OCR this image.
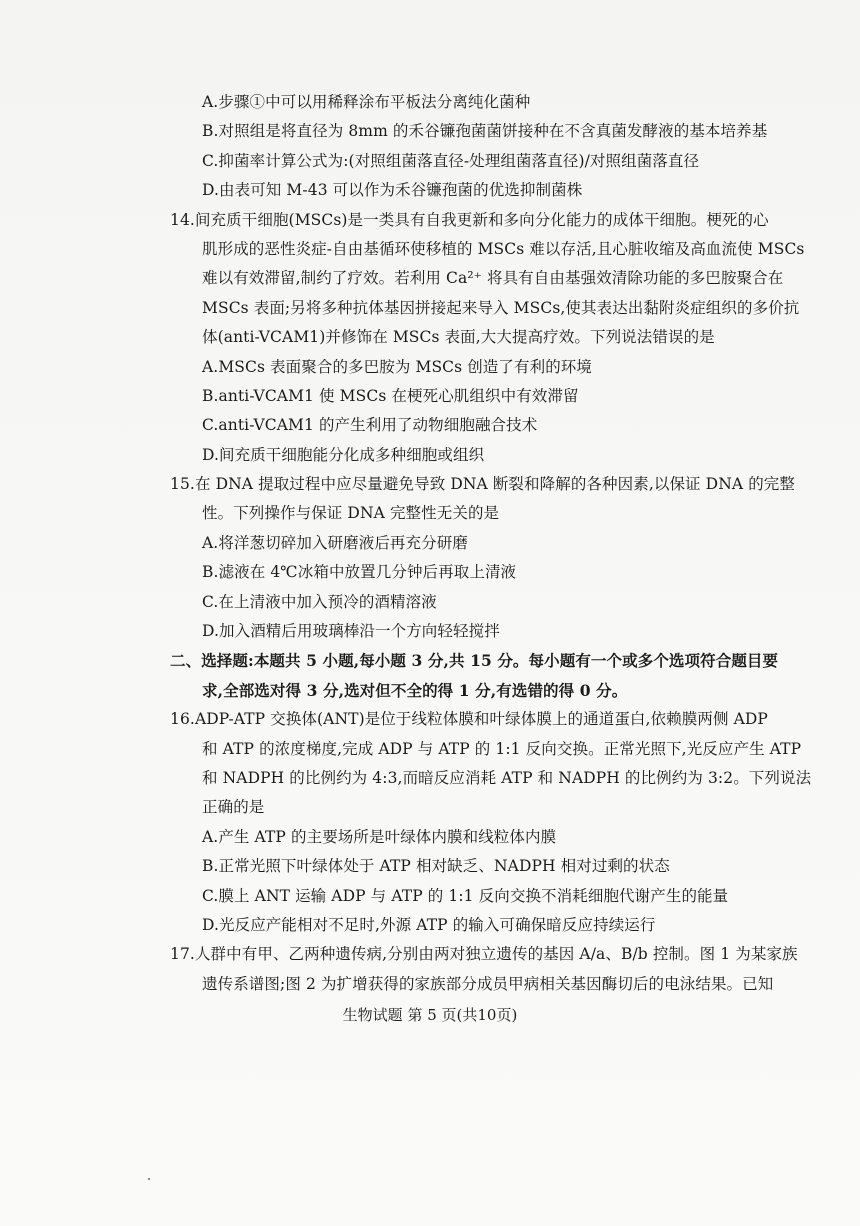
A.步骤①中可以用稀释涂布平板法分离纯化菌种
B.对照组是将直径为 8mm 的禾谷镰孢菌菌饼接种在不含真菌发酵液的基本培养基
C.抑菌率计算公式为:(对照组菌落直径-处理组菌落直径)/对照组菌落直径
D.由表可知 M-43 可以作为禾谷镰孢菌的优选抑制菌株
14.间充质干细胞(MSCs)是一类具有自我更新和多向分化能力的成体干细胞。梗死的心
肌形成的恶性炎症-自由基循环使移植的 MSCs 难以存活,且心脏收缩及高血流使 MSCs
难以有效滞留,制约了疗效。若利用 Ca²⁺ 将具有自由基强效清除功能的多巴胺聚合在
MSCs 表面;另将多种抗体基因拼接起来导入 MSCs,使其表达出黏附炎症组织的多价抗
体(anti-VCAM1)并修饰在 MSCs 表面,大大提高疗效。下列说法错误的是
A.MSCs 表面聚合的多巴胺为 MSCs 创造了有利的环境
B.anti-VCAM1 使 MSCs 在梗死心肌组织中有效滞留
C.anti-VCAM1 的产生利用了动物细胞融合技术
D.间充质干细胞能分化成多种细胞或组织
15.在 DNA 提取过程中应尽量避免导致 DNA 断裂和降解的各种因素,以保证 DNA 的完整
性。下列操作与保证 DNA 完整性无关的是
A.将洋葱切碎加入研磨液后再充分研磨
B.滤液在 4℃冰箱中放置几分钟后再取上清液
C.在上清液中加入预冷的酒精溶液
D.加入酒精后用玻璃棒沿一个方向轻轻搅拌
二、选择题:本题共 5 小题,每小题 3 分,共 15 分。每小题有一个或多个选项符合题目要
求,全部选对得 3 分,选对但不全的得 1 分,有选错的得 0 分。
16.ADP-ATP 交换体(ANT)是位于线粒体膜和叶绿体膜上的通道蛋白,依赖膜两侧 ADP
和 ATP 的浓度梯度,完成 ADP 与 ATP 的 1:1 反向交换。正常光照下,光反应产生 ATP
和 NADPH 的比例约为 4:3,而暗反应消耗 ATP 和 NADPH 的比例约为 3:2。下列说法
正确的是
A.产生 ATP 的主要场所是叶绿体内膜和线粒体内膜
B.正常光照下叶绿体处于 ATP 相对缺乏、NADPH 相对过剩的状态
C.膜上 ANT 运输 ADP 与 ATP 的 1:1 反向交换不消耗细胞代谢产生的能量
D.光反应产能相对不足时,外源 ATP 的输入可确保暗反应持续运行
17.人群中有甲、乙两种遗传病,分别由两对独立遗传的基因 A/a、B/b 控制。图 1 为某家族
遗传系谱图;图 2 为扩增获得的家族部分成员甲病相关基因酶切后的电泳结果。已知
生物试题 第 5 页(共10页)
